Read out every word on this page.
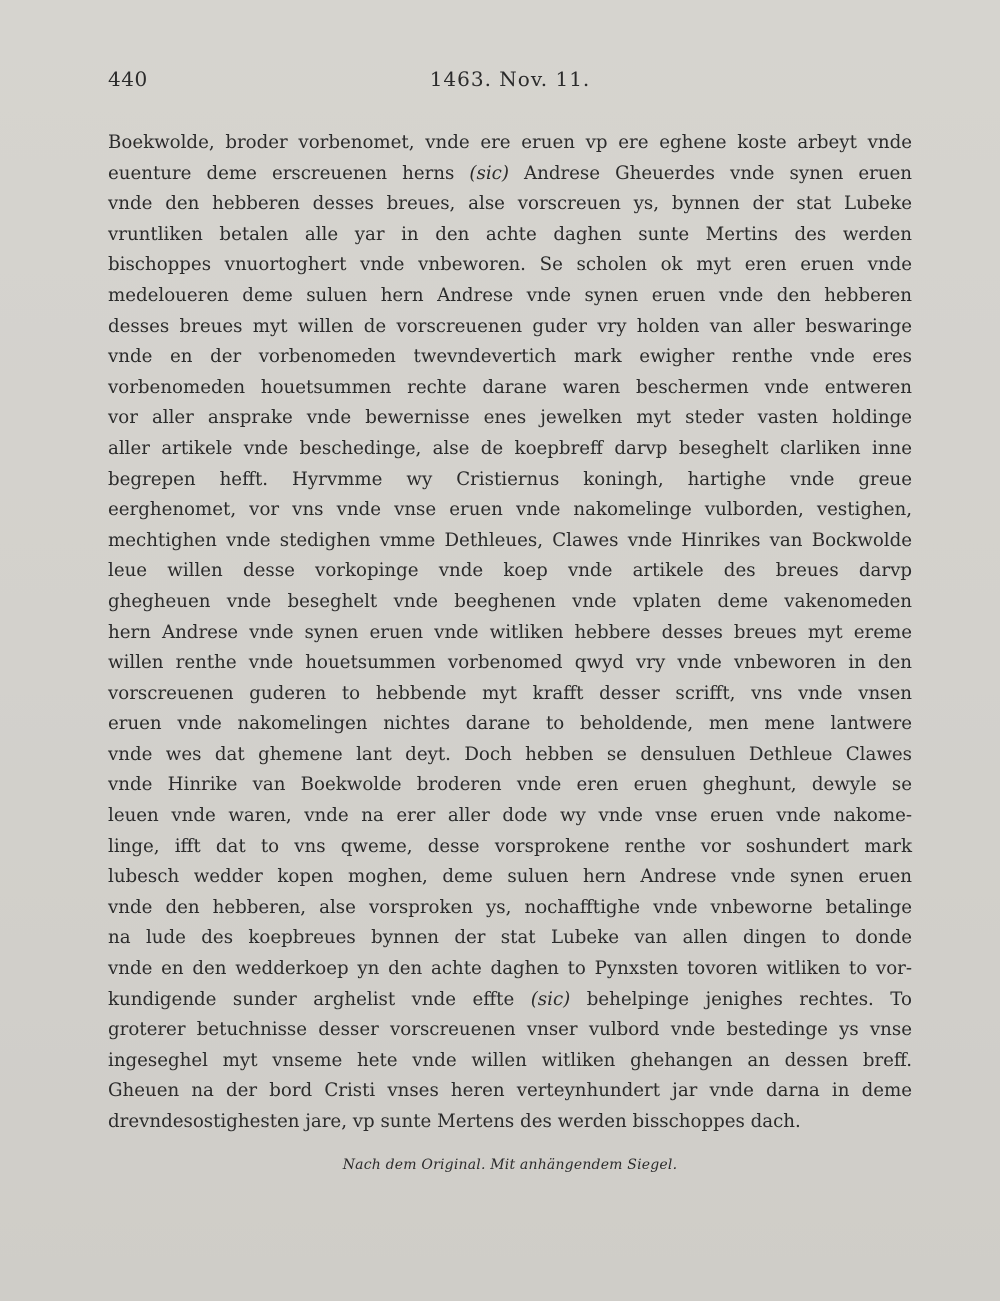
440	1463. Nov. 11.
Boekwolde, broder vorbenomet, vnde ere eruen vp ere eghene koste arbeyt vnde
euenture deme erscreuenen herns (sic) Andrese Gheuerdes vnde synen eruen
vnde den hebberen desses breues, alse vorscreuen ys, bynnen der stat Lubeke
vruntliken betalen alle yar in den achte daghen sunte Mertins des werden
bischoppes vnuortoghert vnde vnbeworen. Se scholen ok myt eren eruen vnde
medeloueren deme suluen hern Andrese vnde synen eruen vnde den hebberen
desses breues myt willen de vorscreuenen guder vry holden van aller beswaringe
vnde en der vorbenomeden twevndevertich mark ewigher renthe vnde eres
vorbenomeden houetsummen rechte darane waren beschermen vnde entweren
vor aller ansprake vnde bewernisse enes jewelken myt steder vasten holdinge
aller artikele vnde beschedinge, alse de koepbreff darvp beseghelt clarliken inne
begrepen hefft. Hyrvmme wy Cristiernus koningh, hartighe vnde greue
eerghenomet, vor vns vnde vnse eruen vnde nakomelinge vulborden, vestighen,
mechtighen vnde stedighen vmme Dethleues, Clawes vnde Hinrikes van Bockwolde
leue willen desse vorkopinge vnde koep vnde artikele des breues darvp
ghegheuen vnde beseghelt vnde beeghenen vnde vplaten deme vakenomeden
hern Andrese vnde synen eruen vnde witliken hebbere desses breues myt ereme
willen renthe vnde houetsummen vorbenomed qwyd vry vnde vnbeworen in den
vorscreuenen guderen to hebbende myt krafft desser scrifft, vns vnde vnsen
eruen vnde nakomelingen nichtes darane to beholdende, men mene lantwere
vnde wes dat ghemene lant deyt. Doch hebben se densuluen Dethleue Clawes
vnde Hinrike van Boekwolde broderen vnde eren eruen gheghunt, dewyle se
leuen vnde waren, vnde na erer aller dode wy vnde vnse eruen vnde nakome-
linge, ifft dat to vns qweme, desse vorsprokene renthe vor soshundert mark
lubesch wedder kopen moghen, deme suluen hern Andrese vnde synen eruen
vnde den hebberen, alse vorsproken ys, nochafftighe vnde vnbeworne betalinge
na lude des koepbreues bynnen der stat Lubeke van allen dingen to donde
vnde en den wedderkoep yn den achte daghen to Pynxsten tovoren witliken to vor-
kundigende sunder arghelist vnde effte (sic) behelpinge jenighes rechtes. To
groterer betuchnisse desser vorscreuenen vnser vulbord vnde bestedinge ys vnse
ingeseghel myt vnseme hete vnde willen witliken ghehangen an dessen breff.
Gheuen na der bord Cristi vnses heren verteynhundert jar vnde darna in deme
drevndesostighesten jare, vp sunte Mertens des werden bisschoppes dach.
Nach dem Original. Mit anhängendem Siegel.
